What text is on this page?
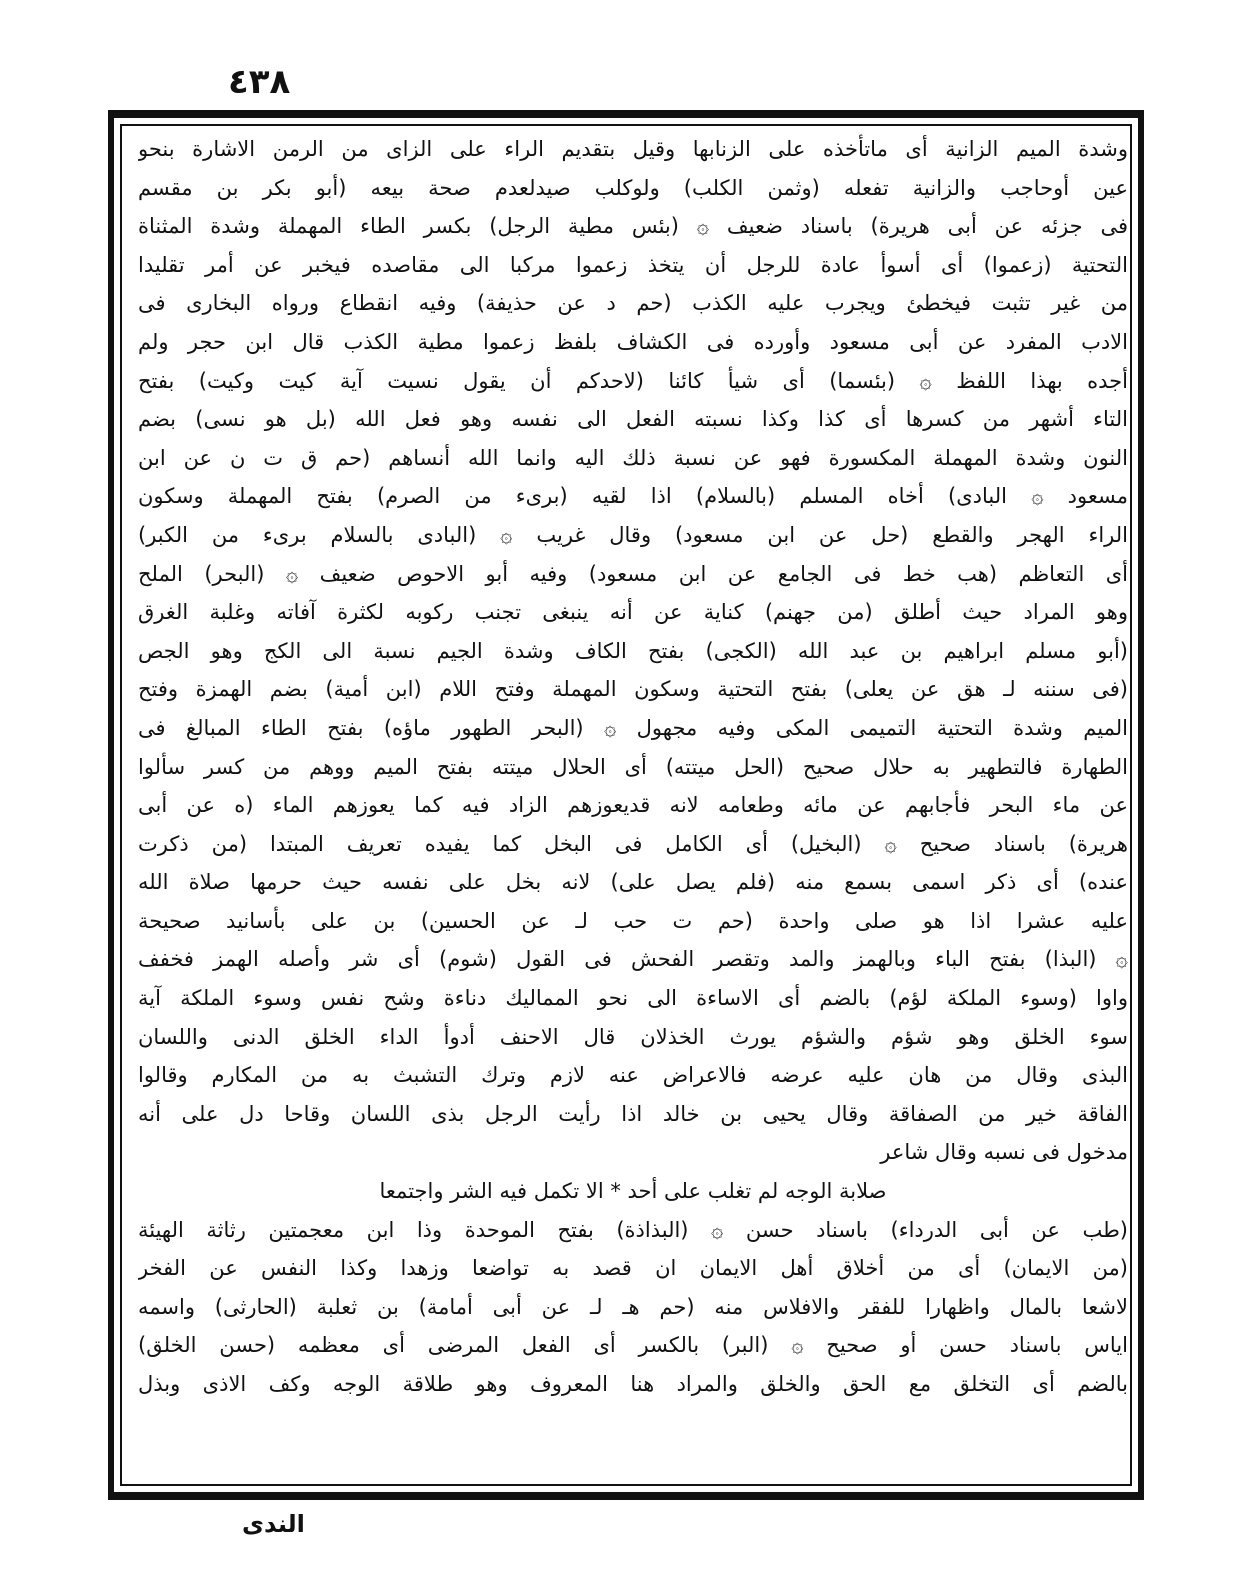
٤٣٨
وشدة الميم الزانية أى ماتأخذه على الزنابها وقيل بتقديم الراء على الزاى من الرمن الاشارة بنحو
عين أوحاجب والزانية تفعله (وثمن الكلب) ولوكلب صيدلعدم صحة بيعه (أبو بكر بن مقسم
فى جزئه عن أبى هريرة) باسناد ضعيف ۞ (بئس مطية الرجل) بكسر الطاء المهملة وشدة المثناة
التحتية (زعموا) أى أسوأ عادة للرجل أن يتخذ زعموا مركبا الى مقاصده فيخبر عن أمر تقليدا
من غير تثبت فيخطئ ويجرب عليه الكذب (حم د عن حذيفة) وفيه انقطاع ورواه البخارى فى
الادب المفرد عن أبى مسعود وأورده فى الكشاف بلفظ زعموا مطية الكذب قال ابن حجر ولم
أجده بهذا اللفظ ۞ (بئسما) أى شيأ كائنا (لاحدكم أن يقول نسيت آية كيت وكيت) بفتح
التاء أشهر من كسرها أى كذا وكذا نسبته الفعل الى نفسه وهو فعل الله (بل هو نسى) بضم
النون وشدة المهملة المكسورة فهو عن نسبة ذلك اليه وانما الله أنساهم (حم ق ت ن عن ابن
مسعود ۞ البادى) أخاه المسلم (بالسلام) اذا لقيه (برىء من الصرم) بفتح المهملة وسكون
الراء الهجر والقطع (حل عن ابن مسعود) وقال غريب ۞ (البادى بالسلام برىء من الكبر)
أى التعاظم (هب خط فى الجامع عن ابن مسعود) وفيه أبو الاحوص ضعيف ۞ (البحر) الملح
وهو المراد حيث أطلق (من جهنم) كناية عن أنه ينبغى تجنب ركوبه لكثرة آفاته وغلبة الغرق
(أبو مسلم ابراهيم بن عبد الله (الكجى) بفتح الكاف وشدة الجيم نسبة الى الكج وهو الجص
(فى سننه لـ هق عن يعلى) بفتح التحتية وسكون المهملة وفتح اللام (ابن أمية) بضم الهمزة وفتح
الميم وشدة التحتية التميمى المكى وفيه مجهول ۞ (البحر الطهور ماؤه) بفتح الطاء المبالغ فى
الطهارة فالتطهير به حلال صحيح (الحل ميتته) أى الحلال ميتته بفتح الميم ووهم من كسر سألوا
عن ماء البحر فأجابهم عن مائه وطعامه لانه قديعوزهم الزاد فيه كما يعوزهم الماء (ه عن أبى
هريرة) باسناد صحيح ۞ (البخيل) أى الكامل فى البخل كما يفيده تعريف المبتدا (من ذكرت
عنده) أى ذكر اسمى بسمع منه (فلم يصل على) لانه بخل على نفسه حيث حرمها صلاة الله
عليه عشرا اذا هو صلى واحدة (حم ت حب لـ عن الحسين) بن على بأسانيد صحيحة
۞ (البذا) بفتح الباء وبالهمز والمد وتقصر الفحش فى القول (شوم) أى شر وأصله الهمز فخفف
واوا (وسوء الملكة لؤم) بالضم أى الاساءة الى نحو المماليك دناءة وشح نفس وسوء الملكة آية
سوء الخلق وهو شؤم والشؤم يورث الخذلان قال الاحنف أدوأ الداء الخلق الدنى واللسان
البذى وقال من هان عليه عرضه فالاعراض عنه لازم وترك التشبث به من المكارم وقالوا
الفاقة خير من الصفاقة وقال يحيى بن خالد اذا رأيت الرجل بذى اللسان وقاحا دل على أنه
مدخول فى نسبه وقال شاعر
صلابة الوجه لم تغلب على أحد * الا تكمل فيه الشر واجتمعا
(طب عن أبى الدرداء) باسناد حسن ۞ (البذاذة) بفتح الموحدة وذا ابن معجمتين رثاثة الهيئة
(من الايمان) أى من أخلاق أهل الايمان ان قصد به تواضعا وزهدا وكذا النفس عن الفخر
لاشعا بالمال واظهارا للفقر والافلاس منه (حم هـ لـ عن أبى أمامة) بن ثعلبة (الحارثى) واسمه
اياس باسناد حسن أو صحيح ۞ (البر) بالكسر أى الفعل المرضى أى معظمه (حسن الخلق)
بالضم أى التخلق مع الحق والخلق والمراد هنا المعروف وهو طلاقة الوجه وكف الاذى وبذل
الندى
